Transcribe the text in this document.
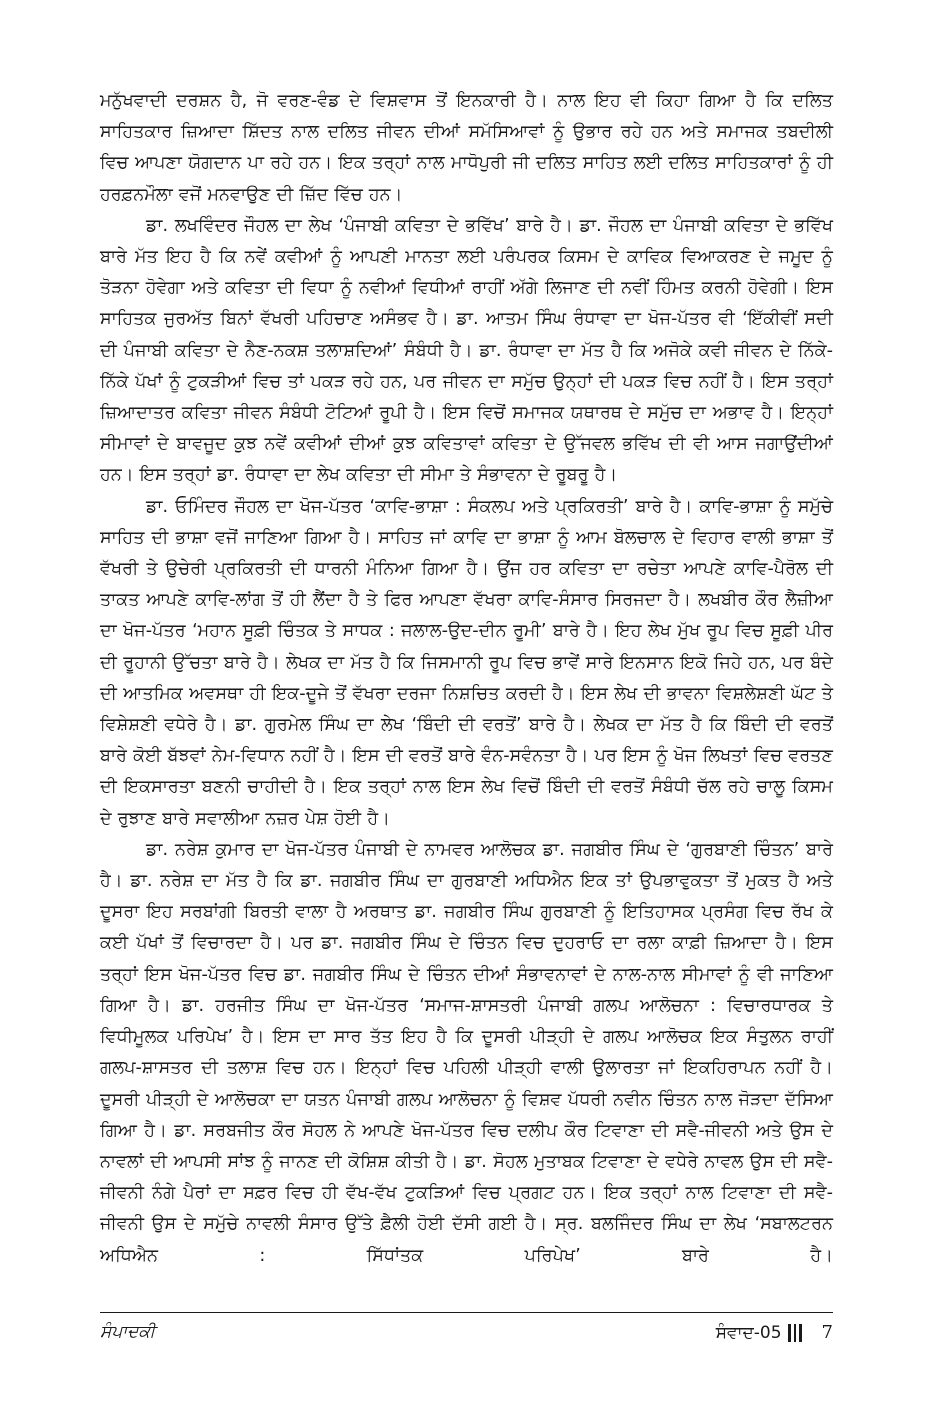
ਮਨੁੱਖਵਾਦੀ ਦਰਸ਼ਨ ਹੈ, ਜੋ ਵਰਣ-ਵੰਡ ਦੇ ਵਿਸ਼ਵਾਸ ਤੋਂ ਇਨਕਾਰੀ ਹੈ। ਨਾਲ ਇਹ ਵੀ ਕਿਹਾ ਗਿਆ ਹੈ ਕਿ ਦਲਿਤ ਸਾਹਿਤਕਾਰ ਜ਼ਿਆਦਾ ਸ਼ਿੱਦਤ ਨਾਲ ਦਲਿਤ ਜੀਵਨ ਦੀਆਂ ਸਮੱਸਿਆਵਾਂ ਨੂੰ ਉਭਾਰ ਰਹੇ ਹਨ ਅਤੇ ਸਮਾਜਕ ਤਬਦੀਲੀ ਵਿਚ ਆਪਣਾ ਯੋਗਦਾਨ ਪਾ ਰਹੇ ਹਨ। ਇਕ ਤਰ੍ਹਾਂ ਨਾਲ ਮਾਧੋਪੁਰੀ ਜੀ ਦਲਿਤ ਸਾਹਿਤ ਲਈ ਦਲਿਤ ਸਾਹਿਤਕਾਰਾਂ ਨੂੰ ਹੀ ਹਰਫ਼ਨਮੌਲਾ ਵਜੋਂ ਮਨਵਾਉਣ ਦੀ ਜ਼ਿੱਦ ਵਿੱਚ ਹਨ।

ਡਾ. ਲਖਵਿੰਦਰ ਜੌਹਲ ਦਾ ਲੇਖ ‘ਪੰਜਾਬੀ ਕਵਿਤਾ ਦੇ ਭਵਿੱਖ’ ਬਾਰੇ ਹੈ। ਡਾ. ਜੌਹਲ ਦਾ ਪੰਜਾਬੀ ਕਵਿਤਾ ਦੇ ਭਵਿੱਖ ਬਾਰੇ ਮੱਤ ਇਹ ਹੈ ਕਿ ਨਵੇਂ ਕਵੀਆਂ ਨੂੰ ਆਪਣੀ ਮਾਨਤਾ ਲਈ ਪਰੰਪਰਕ ਕਿਸਮ ਦੇ ਕਾਵਿਕ ਵਿਆਕਰਣ ਦੇ ਜਮੂਦ ਨੂੰ ਤੋੜਨਾ ਹੋਵੇਗਾ ਅਤੇ ਕਵਿਤਾ ਦੀ ਵਿਧਾ ਨੂੰ ਨਵੀਆਂ ਵਿਧੀਆਂ ਰਾਹੀਂ ਅੱਗੇ ਲਿਜਾਣ ਦੀ ਨਵੀਂ ਹਿੰਮਤ ਕਰਨੀ ਹੋਵੇਗੀ। ਇਸ ਸਾਹਿਤਕ ਜੁਰਅੱਤ ਬਿਨਾਂ ਵੱਖਰੀ ਪਹਿਚਾਣ ਅਸੰਭਵ ਹੈ। ਡਾ. ਆਤਮ ਸਿੰਘ ਰੰਧਾਵਾ ਦਾ ਖੋਜ-ਪੱਤਰ ਵੀ ‘ਇੱਕੀਵੀਂ ਸਦੀ ਦੀ ਪੰਜਾਬੀ ਕਵਿਤਾ ਦੇ ਨੈਣ-ਨਕਸ਼ ਤਲਾਸ਼ਦਿਆਂ’ ਸੰਬੰਧੀ ਹੈ। ਡਾ. ਰੰਧਾਵਾ ਦਾ ਮੱਤ ਹੈ ਕਿ ਅਜੋਕੇ ਕਵੀ ਜੀਵਨ ਦੇ ਨਿੱਕੇ-ਨਿੱਕੇ ਪੱਖਾਂ ਨੂੰ ਟੁਕੜੀਆਂ ਵਿਚ ਤਾਂ ਪਕੜ ਰਹੇ ਹਨ, ਪਰ ਜੀਵਨ ਦਾ ਸਮੁੱਚ ਉਨ੍ਹਾਂ ਦੀ ਪਕੜ ਵਿਚ ਨਹੀਂ ਹੈ। ਇਸ ਤਰ੍ਹਾਂ ਜ਼ਿਆਦਾਤਰ ਕਵਿਤਾ ਜੀਵਨ ਸੰਬੰਧੀ ਟੋਟਿਆਂ ਰੂਪੀ ਹੈ। ਇਸ ਵਿਚੋਂ ਸਮਾਜਕ ਯਥਾਰਥ ਦੇ ਸਮੁੱਚ ਦਾ ਅਭਾਵ ਹੈ। ਇਨ੍ਹਾਂ ਸੀਮਾਵਾਂ ਦੇ ਬਾਵਜੂਦ ਕੁਝ ਨਵੇਂ ਕਵੀਆਂ ਦੀਆਂ ਕੁਝ ਕਵਿਤਾਵਾਂ ਕਵਿਤਾ ਦੇ ਉੱਜਵਲ ਭਵਿੱਖ ਦੀ ਵੀ ਆਸ ਜਗਾਉਂਦੀਆਂ ਹਨ। ਇਸ ਤਰ੍ਹਾਂ ਡਾ. ਰੰਧਾਵਾ ਦਾ ਲੇਖ ਕਵਿਤਾ ਦੀ ਸੀਮਾ ਤੇ ਸੰਭਾਵਨਾ ਦੇ ਰੂਬਰੂ ਹੈ।

ਡਾ. ਓਮਿੰਦਰ ਜੌਹਲ ਦਾ ਖੋਜ-ਪੱਤਰ ‘ਕਾਵਿ-ਭਾਸ਼ਾ : ਸੰਕਲਪ ਅਤੇ ਪ੍ਰਕਿਰਤੀ’ ਬਾਰੇ ਹੈ। ਕਾਵਿ-ਭਾਸ਼ਾ ਨੂੰ ਸਮੁੱਚੇ ਸਾਹਿਤ ਦੀ ਭਾਸ਼ਾ ਵਜੋਂ ਜਾਣਿਆ ਗਿਆ ਹੈ। ਸਾਹਿਤ ਜਾਂ ਕਾਵਿ ਦਾ ਭਾਸ਼ਾ ਨੂੰ ਆਮ ਬੋਲਚਾਲ ਦੇ ਵਿਹਾਰ ਵਾਲੀ ਭਾਸ਼ਾ ਤੋਂ ਵੱਖਰੀ ਤੇ ਉਚੇਰੀ ਪ੍ਰਕਿਰਤੀ ਦੀ ਧਾਰਨੀ ਮੰਨਿਆ ਗਿਆ ਹੈ। ਉਂਜ ਹਰ ਕਵਿਤਾ ਦਾ ਰਚੇਤਾ ਆਪਣੇ ਕਾਵਿ-ਪੈਰੋਲ ਦੀ ਤਾਕਤ ਆਪਣੇ ਕਾਵਿ-ਲਾਂਗ ਤੋਂ ਹੀ ਲੈਂਦਾ ਹੈ ਤੇ ਫਿਰ ਆਪਣਾ ਵੱਖਰਾ ਕਾਵਿ-ਸੰਸਾਰ ਸਿਰਜਦਾ ਹੈ। ਲਖਬੀਰ ਕੌਰ ਲੈਜ਼ੀਆ ਦਾ ਖੋਜ-ਪੱਤਰ ‘ਮਹਾਨ ਸੂਫ਼ੀ ਚਿੰਤਕ ਤੇ ਸਾਧਕ : ਜਲਾਲ-ਉਦ-ਦੀਨ ਰੂਮੀ’ ਬਾਰੇ ਹੈ। ਇਹ ਲੇਖ ਮੁੱਖ ਰੂਪ ਵਿਚ ਸੂਫ਼ੀ ਪੀਰ ਦੀ ਰੂਹਾਨੀ ਉੱਚਤਾ ਬਾਰੇ ਹੈ। ਲੇਖਕ ਦਾ ਮੱਤ ਹੈ ਕਿ ਜਿਸਮਾਨੀ ਰੂਪ ਵਿਚ ਭਾਵੇਂ ਸਾਰੇ ਇਨਸਾਨ ਇਕੋ ਜਿਹੇ ਹਨ, ਪਰ ਬੰਦੇ ਦੀ ਆਤਮਿਕ ਅਵਸਥਾ ਹੀ ਇਕ-ਦੂਜੇ ਤੋਂ ਵੱਖਰਾ ਦਰਜਾ ਨਿਸ਼ਚਿਤ ਕਰਦੀ ਹੈ। ਇਸ ਲੇਖ ਦੀ ਭਾਵਨਾ ਵਿਸ਼ਲੇਸ਼ਣੀ ਘੱਟ ਤੇ ਵਿਸ਼ੇਸ਼ਣੀ ਵਧੇਰੇ ਹੈ। ਡਾ. ਗੁਰਮੇਲ ਸਿੰਘ ਦਾ ਲੇਖ ‘ਬਿੰਦੀ ਦੀ ਵਰਤੋਂ’ ਬਾਰੇ ਹੈ। ਲੇਖਕ ਦਾ ਮੱਤ ਹੈ ਕਿ ਬਿੰਦੀ ਦੀ ਵਰਤੋਂ ਬਾਰੇ ਕੋਈ ਬੱਝਵਾਂ ਨੇਮ-ਵਿਧਾਨ ਨਹੀਂ ਹੈ। ਇਸ ਦੀ ਵਰਤੋਂ ਬਾਰੇ ਵੰਨ-ਸਵੰਨਤਾ ਹੈ। ਪਰ ਇਸ ਨੂੰ ਖੋਜ ਲਿਖਤਾਂ ਵਿਚ ਵਰਤਣ ਦੀ ਇਕਸਾਰਤਾ ਬਣਨੀ ਚਾਹੀਦੀ ਹੈ। ਇਕ ਤਰ੍ਹਾਂ ਨਾਲ ਇਸ ਲੇਖ ਵਿਚੋਂ ਬਿੰਦੀ ਦੀ ਵਰਤੋਂ ਸੰਬੰਧੀ ਚੱਲ ਰਹੇ ਚਾਲੂ ਕਿਸਮ ਦੇ ਰੁਝਾਣ ਬਾਰੇ ਸਵਾਲੀਆ ਨਜ਼ਰ ਪੇਸ਼ ਹੋਈ ਹੈ।

ਡਾ. ਨਰੇਸ਼ ਕੁਮਾਰ ਦਾ ਖੋਜ-ਪੱਤਰ ਪੰਜਾਬੀ ਦੇ ਨਾਮਵਰ ਆਲੋਚਕ ਡਾ. ਜਗਬੀਰ ਸਿੰਘ ਦੇ ‘ਗੁਰਬਾਣੀ ਚਿੰਤਨ’ ਬਾਰੇ ਹੈ। ਡਾ. ਨਰੇਸ਼ ਦਾ ਮੱਤ ਹੈ ਕਿ ਡਾ. ਜਗਬੀਰ ਸਿੰਘ ਦਾ ਗੁਰਬਾਣੀ ਅਧਿਐਨ ਇਕ ਤਾਂ ਉਪਭਾਵੁਕਤਾ ਤੋਂ ਮੁਕਤ ਹੈ ਅਤੇ ਦੂਸਰਾ ਇਹ ਸਰਬਾਂਗੀ ਬਿਰਤੀ ਵਾਲਾ ਹੈ ਅਰਥਾਤ ਡਾ. ਜਗਬੀਰ ਸਿੰਘ ਗੁਰਬਾਣੀ ਨੂੰ ਇਤਿਹਾਸਕ ਪ੍ਰਸੰਗ ਵਿਚ ਰੱਖ ਕੇ ਕਈ ਪੱਖਾਂ ਤੋਂ ਵਿਚਾਰਦਾ ਹੈ। ਪਰ ਡਾ. ਜਗਬੀਰ ਸਿੰਘ ਦੇ ਚਿੰਤਨ ਵਿਚ ਦੁਹਰਾਓ ਦਾ ਰਲਾ ਕਾਫ਼ੀ ਜ਼ਿਆਦਾ ਹੈ। ਇਸ ਤਰ੍ਹਾਂ ਇਸ ਖੋਜ-ਪੱਤਰ ਵਿਚ ਡਾ. ਜਗਬੀਰ ਸਿੰਘ ਦੇ ਚਿੰਤਨ ਦੀਆਂ ਸੰਭਾਵਨਾਵਾਂ ਦੇ ਨਾਲ-ਨਾਲ ਸੀਮਾਵਾਂ ਨੂੰ ਵੀ ਜਾਣਿਆ ਗਿਆ ਹੈ। ਡਾ. ਹਰਜੀਤ ਸਿੰਘ ਦਾ ਖੋਜ-ਪੱਤਰ ‘ਸਮਾਜ-ਸ਼ਾਸਤਰੀ ਪੰਜਾਬੀ ਗਲਪ ਆਲੋਚਨਾ : ਵਿਚਾਰਧਾਰਕ ਤੇ ਵਿਧੀਮੂਲਕ ਪਰਿਪੇਖ’ ਹੈ। ਇਸ ਦਾ ਸਾਰ ਤੱਤ ਇਹ ਹੈ ਕਿ ਦੂਸਰੀ ਪੀੜ੍ਹੀ ਦੇ ਗਲਪ ਆਲੋਚਕ ਇਕ ਸੰਤੁਲਨ ਰਾਹੀਂ ਗਲਪ-ਸ਼ਾਸਤਰ ਦੀ ਤਲਾਸ਼ ਵਿਚ ਹਨ। ਇਨ੍ਹਾਂ ਵਿਚ ਪਹਿਲੀ ਪੀੜ੍ਹੀ ਵਾਲੀ ਉਲਾਰਤਾ ਜਾਂ ਇਕਹਿਰਾਪਨ ਨਹੀਂ ਹੈ। ਦੂਸਰੀ ਪੀੜ੍ਹੀ ਦੇ ਆਲੋਚਕਾ ਦਾ ਯਤਨ ਪੰਜਾਬੀ ਗਲਪ ਆਲੋਚਨਾ ਨੂੰ ਵਿਸ਼ਵ ਪੱਧਰੀ ਨਵੀਨ ਚਿੰਤਨ ਨਾਲ ਜੋੜਦਾ ਦੱਸਿਆ ਗਿਆ ਹੈ। ਡਾ. ਸਰਬਜੀਤ ਕੌਰ ਸੋਹਲ ਨੇ ਆਪਣੇ ਖੋਜ-ਪੱਤਰ ਵਿਚ ਦਲੀਪ ਕੌਰ ਟਿਵਾਣਾ ਦੀ ਸਵੈ-ਜੀਵਨੀ ਅਤੇ ਉਸ ਦੇ ਨਾਵਲਾਂ ਦੀ ਆਪਸੀ ਸਾਂਝ ਨੂੰ ਜਾਨਣ ਦੀ ਕੋਸ਼ਿਸ਼ ਕੀਤੀ ਹੈ। ਡਾ. ਸੋਹਲ ਮੁਤਾਬਕ ਟਿਵਾਣਾ ਦੇ ਵਧੇਰੇ ਨਾਵਲ ਉਸ ਦੀ ਸਵੈ-ਜੀਵਨੀ ਨੰਗੇ ਪੈਰਾਂ ਦਾ ਸਫ਼ਰ ਵਿਚ ਹੀ ਵੱਖ-ਵੱਖ ਟੁਕੜਿਆਂ ਵਿਚ ਪ੍ਰਗਟ ਹਨ। ਇਕ ਤਰ੍ਹਾਂ ਨਾਲ ਟਿਵਾਣਾ ਦੀ ਸਵੈ-ਜੀਵਨੀ ਉਸ ਦੇ ਸਮੁੱਚੇ ਨਾਵਲੀ ਸੰਸਾਰ ਉੱਤੇ ਫ਼ੈਲੀ ਹੋਈ ਦੱਸੀ ਗਈ ਹੈ। ਸ੍ਰ. ਬਲਜਿੰਦਰ ਸਿੰਘ ਦਾ ਲੇਖ ‘ਸਬਾਲਟਰਨ ਅਧਿਐਨ : ਸਿੱਧਾਂਤਕ ਪਰਿਪੇਖ’ ਬਾਰੇ ਹੈ।

ਸੰਪਾਦਕੀ	ਸੰਵਾਦ-05 7
